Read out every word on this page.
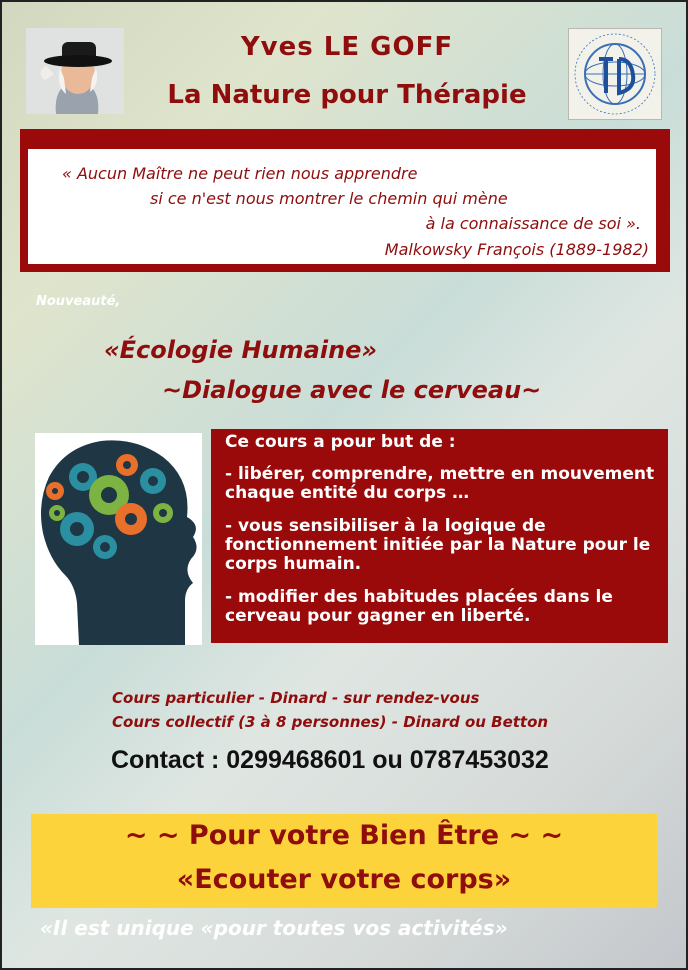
Yves LE GOFF
La Nature pour Thérapie
« Aucun Maître ne peut rien nous apprendre
si ce n'est nous montrer le chemin qui mène
à la connaissance de soi ».
Malkowsky François (1889-1982)
Nouveauté,
«Écologie Humaine»
~Dialogue avec le cerveau~

Ce cours a pour but de :

- libérer, comprendre, mettre en mouvement chaque entité du corps …

- vous sensibiliser à la logique de fonctionnement initiée par la Nature pour le corps humain.

- modifier des habitudes placées dans le cerveau pour gagner en liberté.

Cours particulier - Dinard - sur rendez-vous
Cours collectif (3 à 8 personnes) - Dinard ou Betton
Contact : 0299468601 ou 0787453032
~ ~ Pour votre Bien Être ~ ~
«Ecouter votre corps»
«Il est unique «pour toutes vos activités»
